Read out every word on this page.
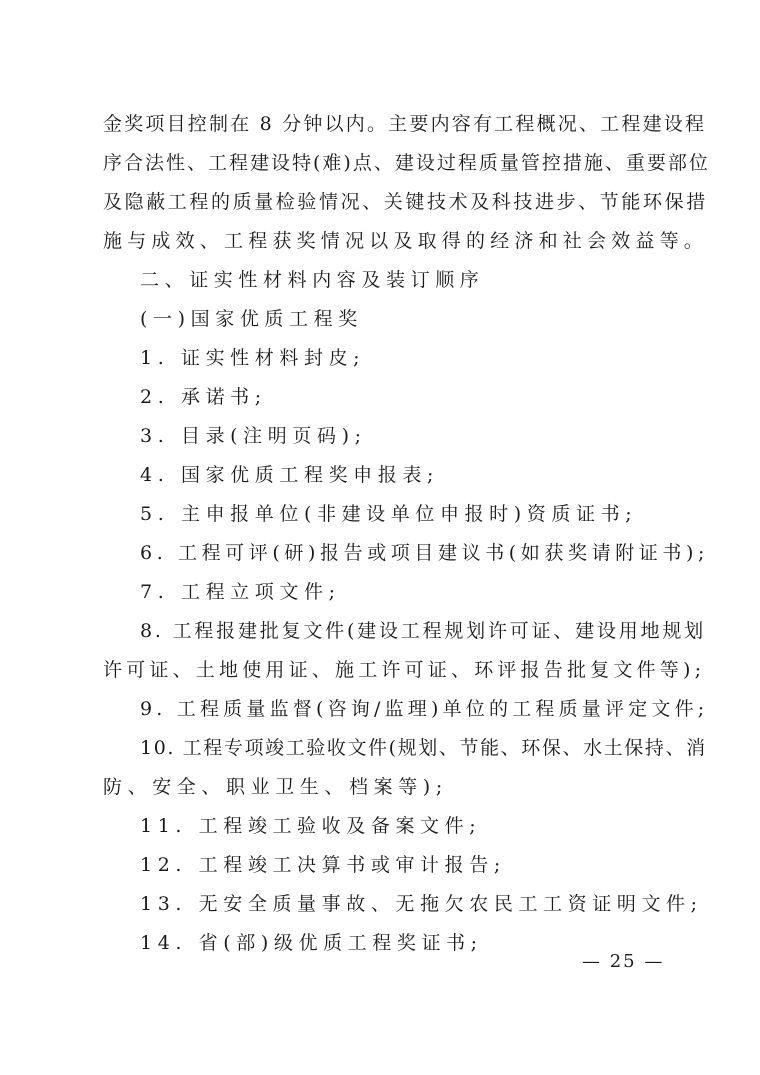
金奖项目控制在 8 分钟以内。主要内容有工程概况、工程建设程
序合法性、工程建设特(难)点、建设过程质量管控措施、重要部位
及隐蔽工程的质量检验情况、关键技术及科技进步、节能环保措
施与成效、工程获奖情况以及取得的经济和社会效益等。
二、证实性材料内容及装订顺序
(一)国家优质工程奖
1. 证实性材料封皮;
2. 承诺书;
3. 目录(注明页码);
4. 国家优质工程奖申报表;
5. 主申报单位(非建设单位申报时)资质证书;
6. 工程可评(研)报告或项目建议书(如获奖请附证书);
7. 工程立项文件;
8. 工程报建批复文件(建设工程规划许可证、建设用地规划
许可证、土地使用证、施工许可证、环评报告批复文件等);
9. 工程质量监督(咨询/监理)单位的工程质量评定文件;
10. 工程专项竣工验收文件(规划、节能、环保、水土保持、消
防、安全、职业卫生、档案等);
11. 工程竣工验收及备案文件;
12. 工程竣工决算书或审计报告;
13. 无安全质量事故、无拖欠农民工工资证明文件;
14. 省(部)级优质工程奖证书;
— 25 —
